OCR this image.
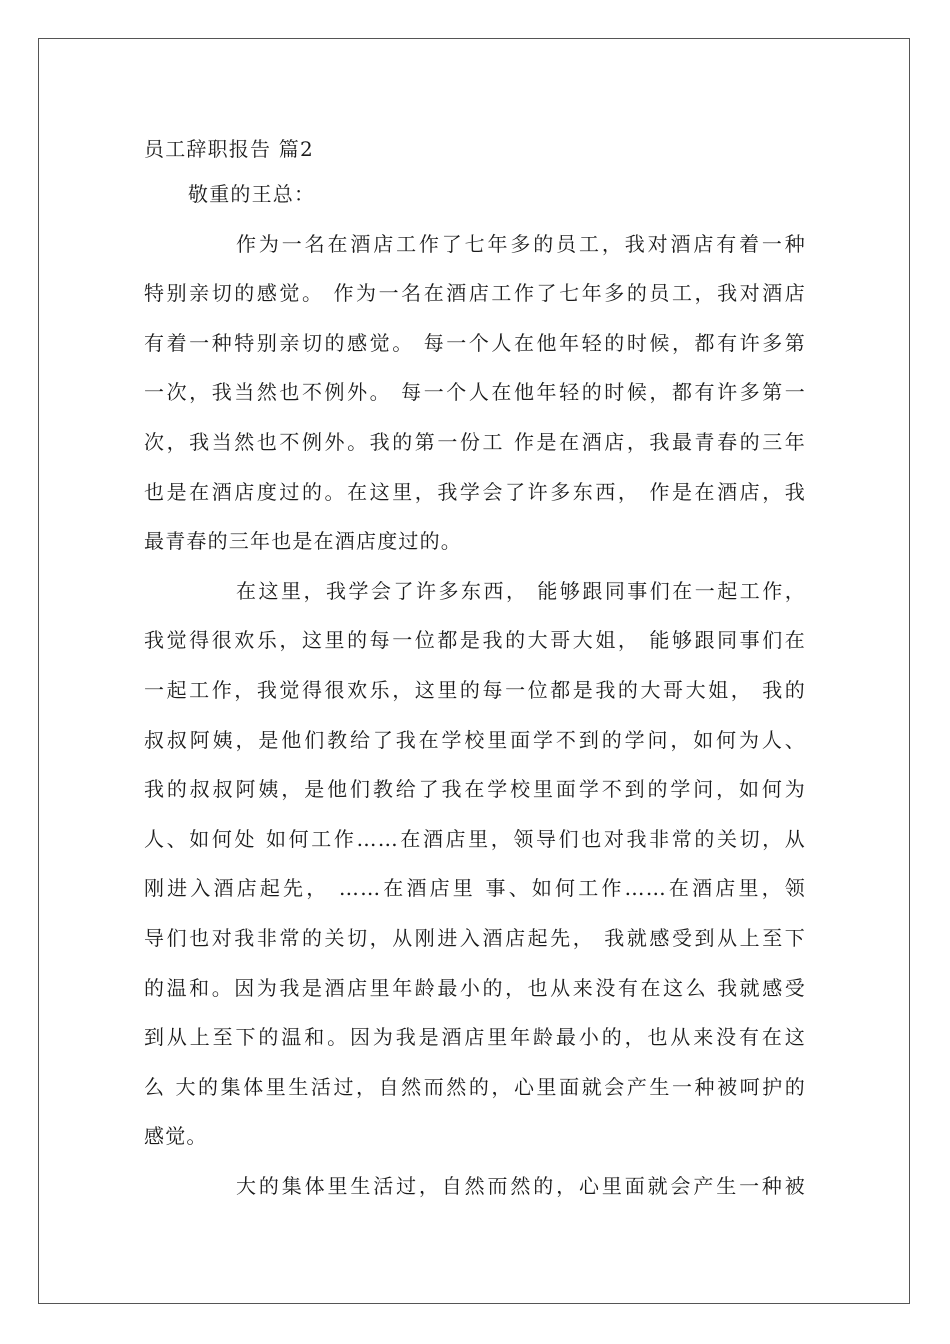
员工辞职报告 篇2
敬重的王总：
作为一名在酒店工作了七年多的员工，我对酒店有着一种
特别亲切的感觉。 作为一名在酒店工作了七年多的员工，我对酒店
有着一种特别亲切的感觉。 每一个人在他年轻的时候，都有许多第
一次，我当然也不例外。 每一个人在他年轻的时候，都有许多第一
次，我当然也不例外。我的第一份工 作是在酒店，我最青春的三年
也是在酒店度过的。在这里，我学会了许多东西， 作是在酒店，我
最青春的三年也是在酒店度过的。
在这里，我学会了许多东西， 能够跟同事们在一起工作，
我觉得很欢乐，这里的每一位都是我的大哥大姐， 能够跟同事们在
一起工作，我觉得很欢乐，这里的每一位都是我的大哥大姐， 我的
叔叔阿姨，是他们教给了我在学校里面学不到的学问，如何为人、
我的叔叔阿姨，是他们教给了我在学校里面学不到的学问，如何为
人、如何处 如何工作……在酒店里，领导们也对我非常的关切，从
刚进入酒店起先， ……在酒店里 事、如何工作……在酒店里，领
导们也对我非常的关切，从刚进入酒店起先， 我就感受到从上至下
的温和。因为我是酒店里年龄最小的，也从来没有在这么 我就感受
到从上至下的温和。因为我是酒店里年龄最小的，也从来没有在这
么 大的集体里生活过，自然而然的，心里面就会产生一种被呵护的
感觉。
大的集体里生活过，自然而然的，心里面就会产生一种被
